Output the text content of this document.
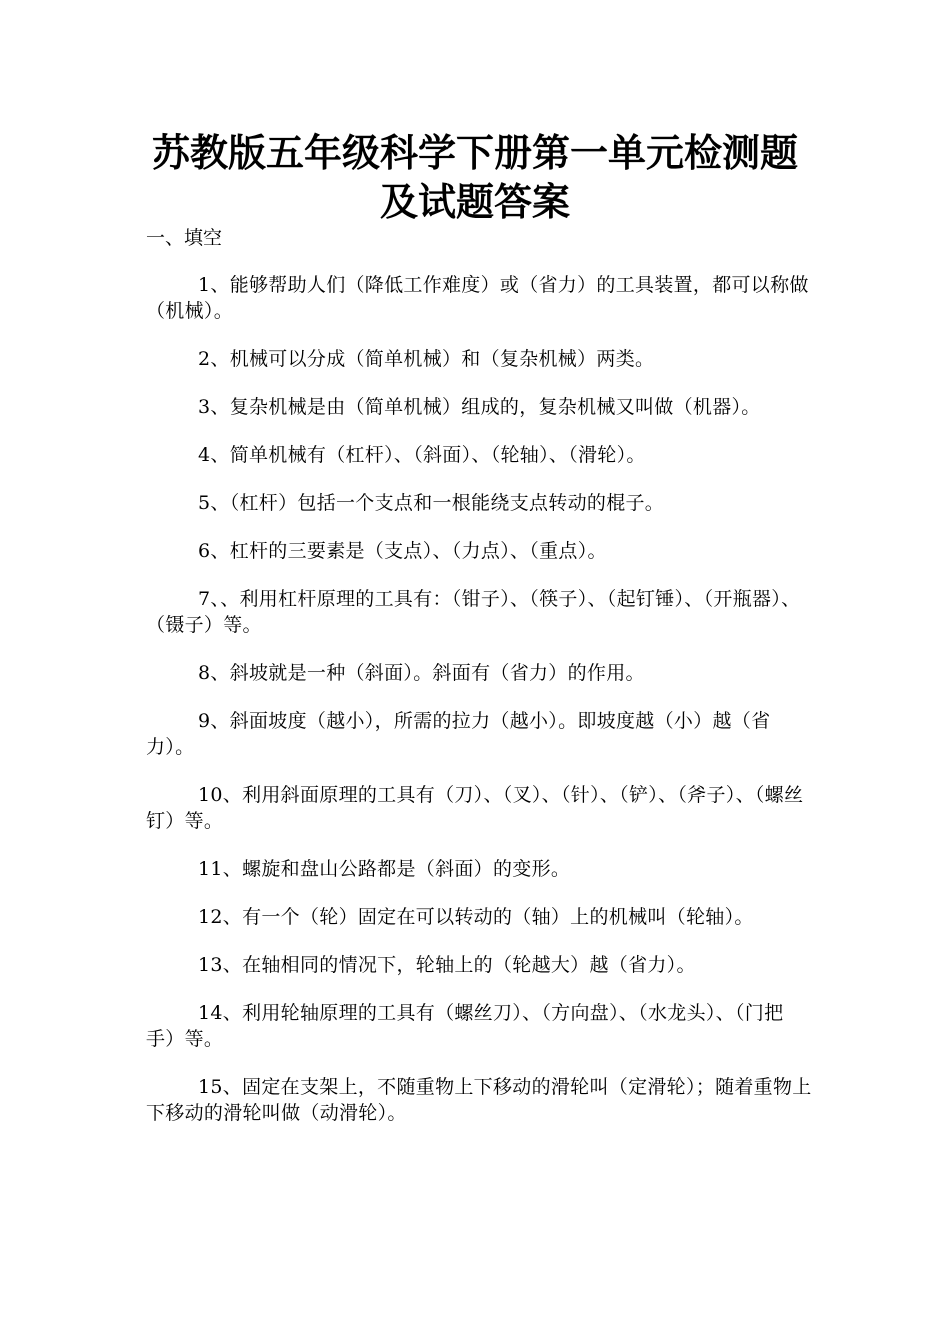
苏教版五年级科学下册第一单元检测题
及试题答案

一、填空

1、能够帮助人们（降低工作难度）或（省力）的工具装置，都可以称做（机械）。
2、机械可以分成（简单机械）和（复杂机械）两类。
3、复杂机械是由（简单机械）组成的，复杂机械又叫做（机器）。
4、简单机械有（杠杆）、（斜面）、（轮轴）、（滑轮）。
5、（杠杆）包括一个支点和一根能绕支点转动的棍子。
6、杠杆的三要素是（支点）、（力点）、（重点）。
7、、利用杠杆原理的工具有：（钳子）、（筷子）、（起钉锤）、（开瓶器）、（镊子）等。
8、斜坡就是一种（斜面）。斜面有（省力）的作用。
9、斜面坡度（越小），所需的拉力（越小）。即坡度越（小）越（省力）。
10、利用斜面原理的工具有（刀）、（叉）、（针）、（铲）、（斧子）、（螺丝钉）等。
11、螺旋和盘山公路都是（斜面）的变形。
12、有一个（轮）固定在可以转动的（轴）上的机械叫（轮轴）。
13、在轴相同的情况下，轮轴上的（轮越大）越（省力）。
14、利用轮轴原理的工具有（螺丝刀）、（方向盘）、（水龙头）、（门把手）等。
15、固定在支架上，不随重物上下移动的滑轮叫（定滑轮）；随着重物上下移动的滑轮叫做（动滑轮）。
